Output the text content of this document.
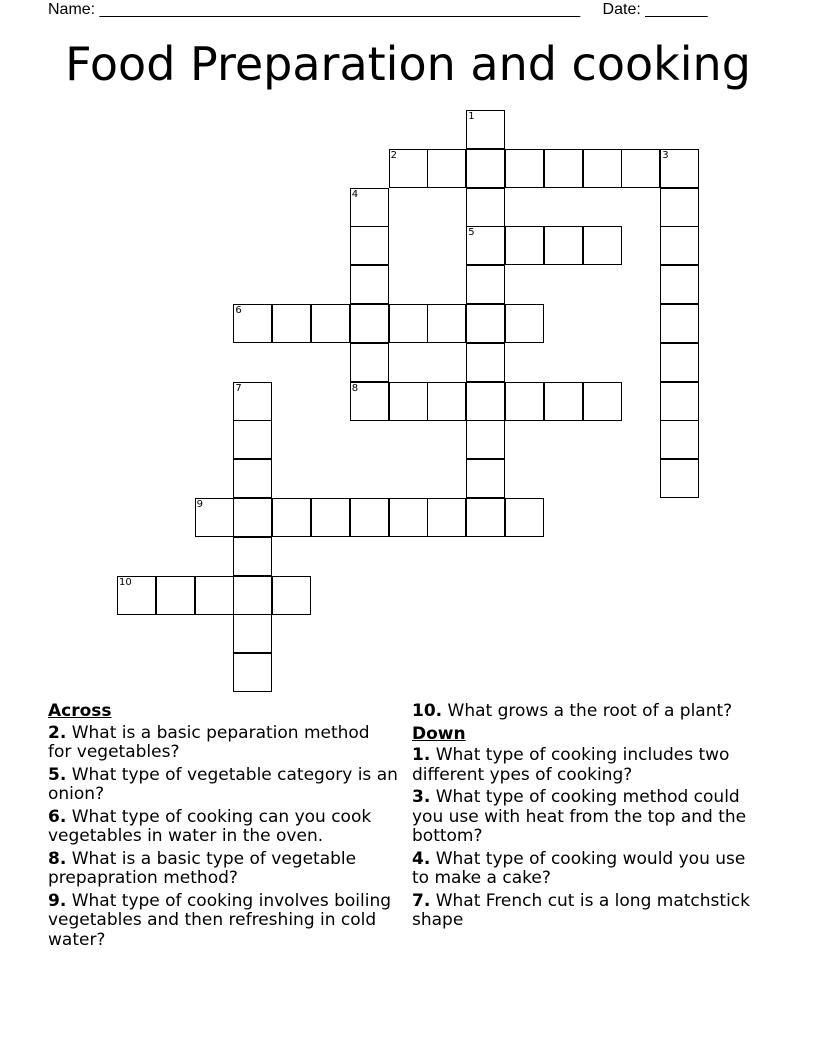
Name: ______________________________________________________ Date: _______
Food Preparation and cooking
2	3
5
6
8
9
10
1
4
7
Across
2. What is a basic peparation method for vegetables?
5. What type of vegetable category is an onion?
6. What type of cooking can you cook vegetables in water in the oven.
8. What is a basic type of vegetable prepapration method?
9. What type of cooking involves boiling vegetables and then refreshing in cold water?
10. What grows a the root of a plant?
Down
1. What type of cooking includes two different ypes of cooking?
3. What type of cooking method could you use with heat from the top and the bottom?
4. What type of cooking would you use to make a cake?
7. What French cut is a long matchstick shape
